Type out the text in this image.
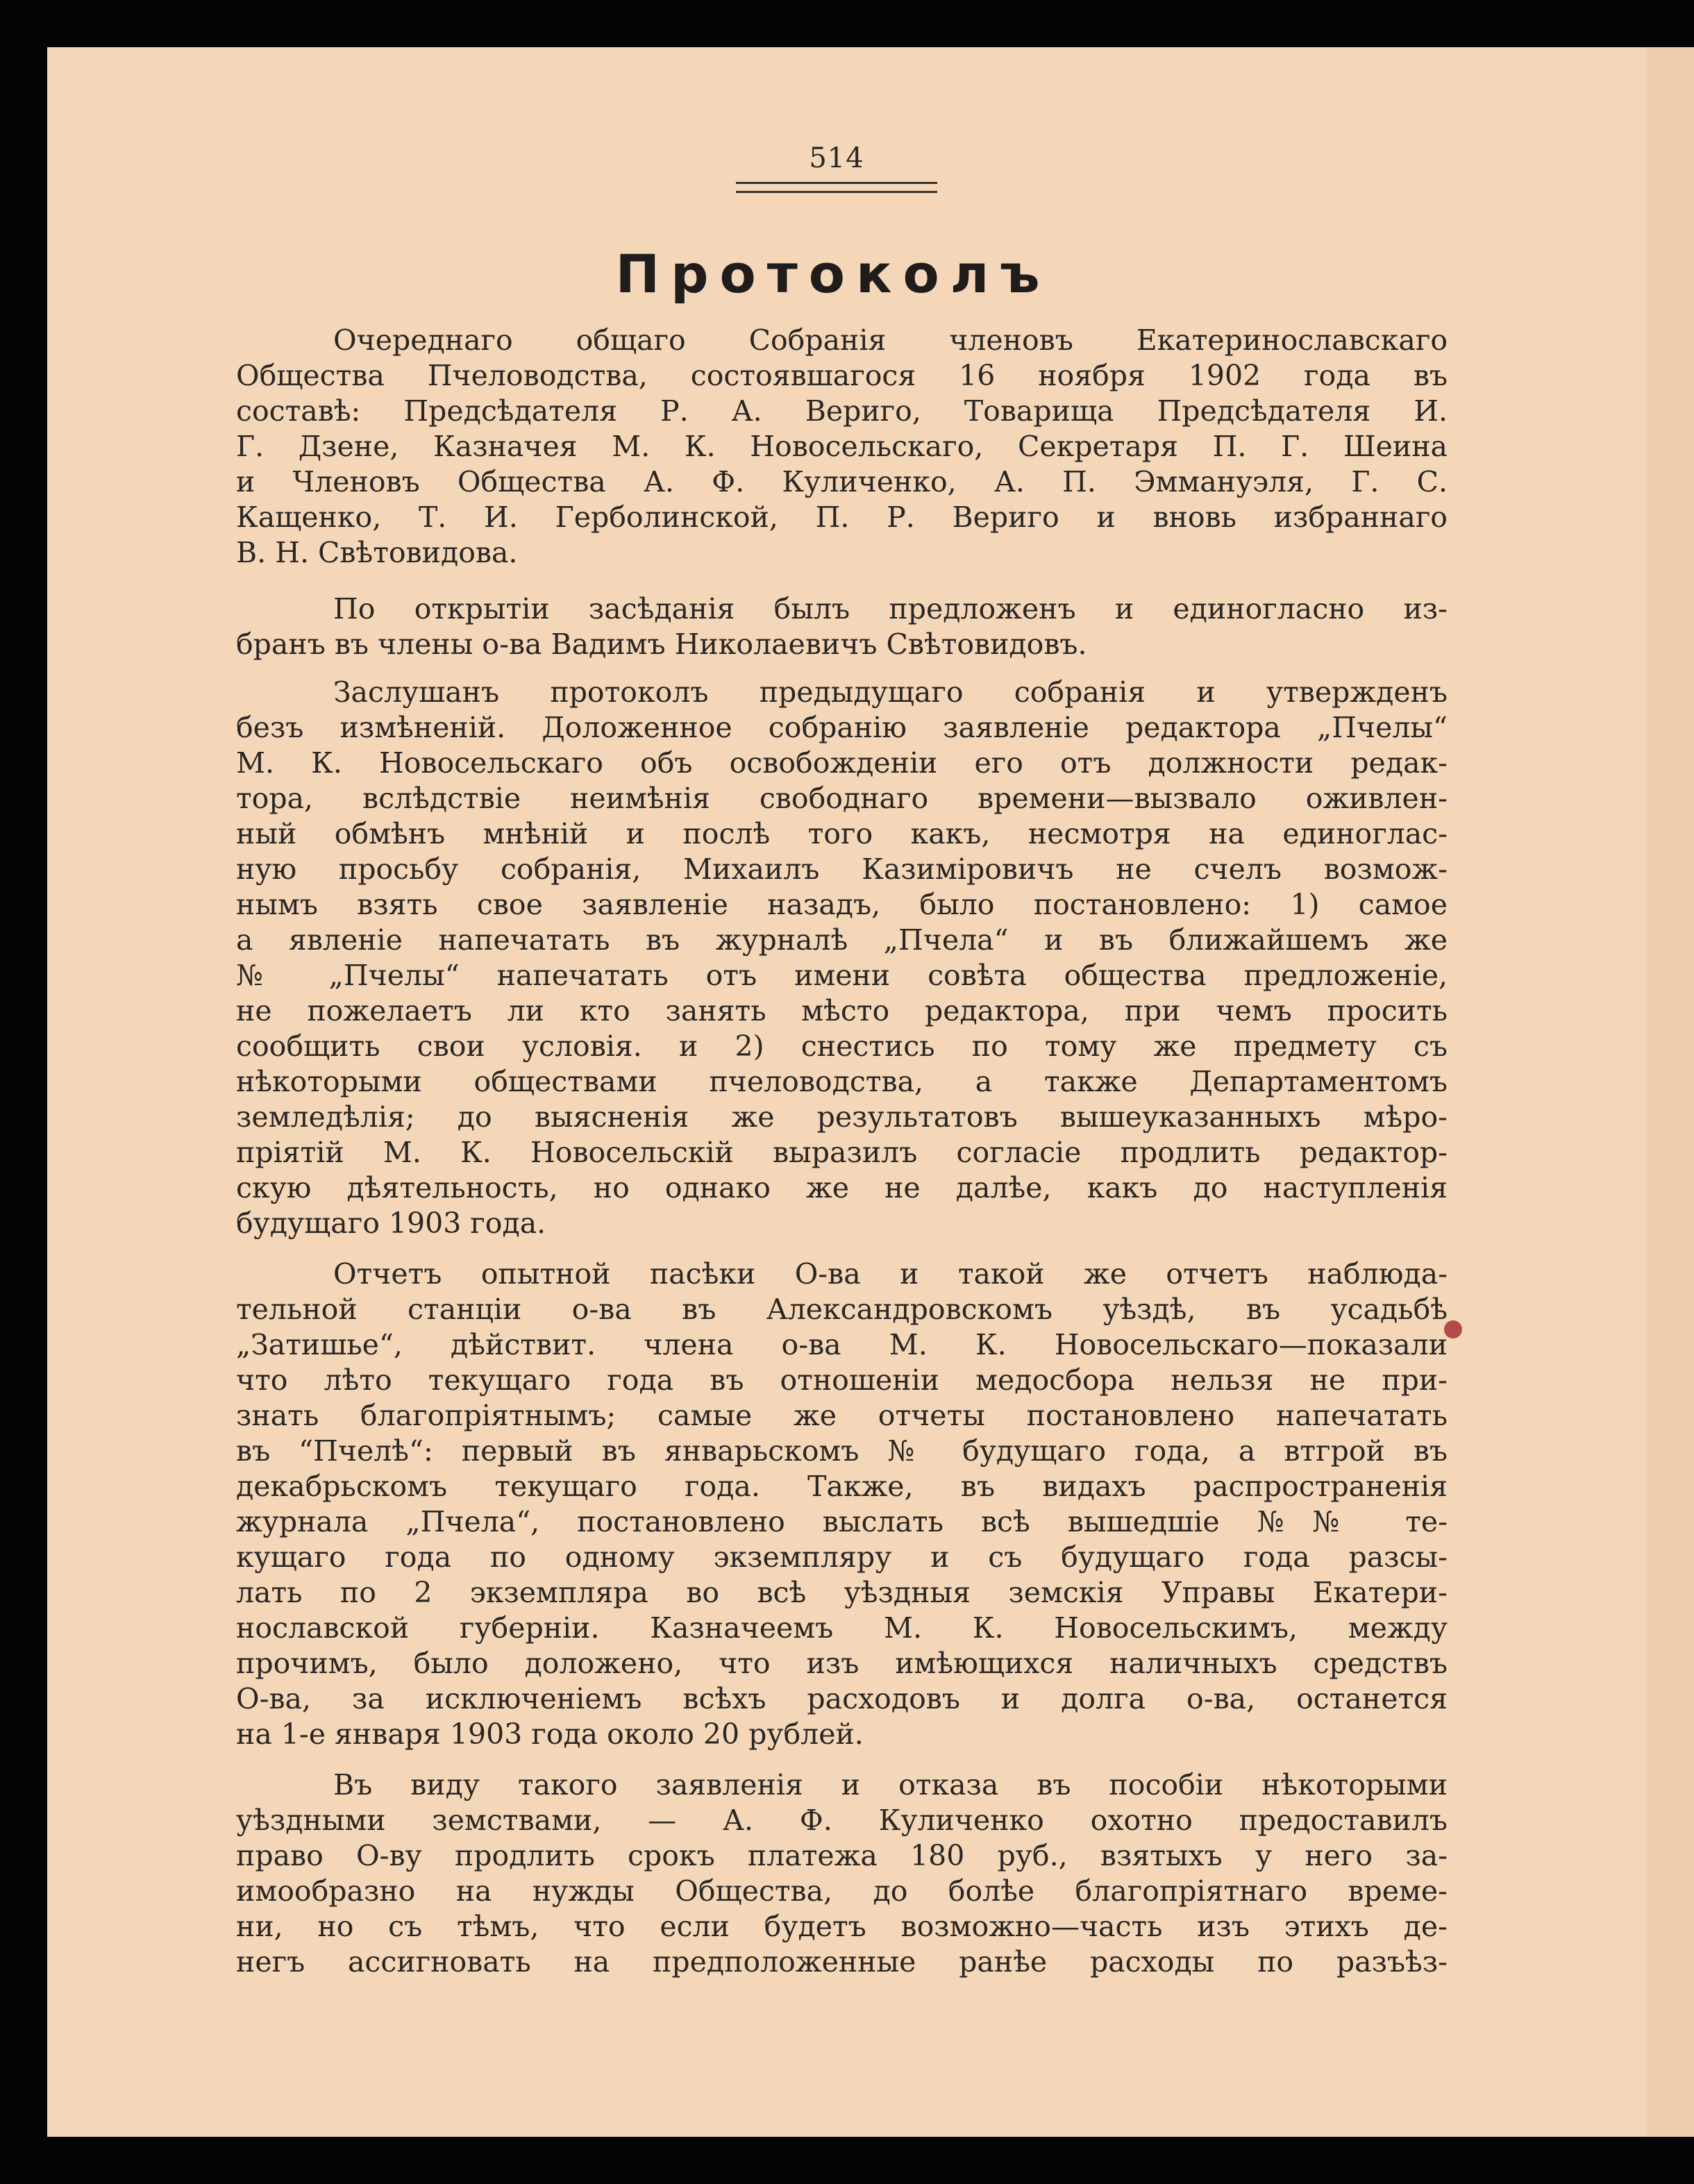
514
Протоколъ
Очереднаго общаго Собранія членовъ Екатеринославскаго
Общества Пчеловодства, состоявшагося 16 ноября 1902 года въ
составѣ: Предсѣдателя Р. А. Вериго, Товарища Предсѣдателя И.
Г. Дзене, Казначея М. К. Новосельскаго, Секретаря П. Г. Шеина
и Членовъ Общества А. Ф. Куличенко, А. П. Эммануэля, Г. С.
Кащенко, Т. И. Герболинской, П. Р. Вериго и вновь избраннаго
В. Н. Свѣтовидова.
По открытіи засѣданія былъ предложенъ и единогласно из-
бранъ въ члены о-ва Вадимъ Николаевичъ Свѣтовидовъ.
Заслушанъ протоколъ предыдущаго собранія и утвержденъ
безъ измѣненій. Доложенное собранію заявленіе редактора „Пчелы“
М. К. Новосельскаго объ освобожденіи его отъ должности редак-
тора, вслѣдствіе неимѣнія свободнаго времени—вызвало оживлен-
ный обмѣнъ мнѣній и послѣ того какъ, несмотря на единоглас-
ную просьбу собранія, Михаилъ Казиміровичъ не счелъ возмож-
нымъ взять свое заявленіе назадъ, было постановлено: 1) самое
а явленіе напечатать въ журналѣ „Пчела“ и въ ближайшемъ же
№ „Пчелы“ напечатать отъ имени совѣта общества предложеніе,
не пожелаетъ ли кто занять мѣсто редактора, при чемъ просить
сообщить свои условія. и 2) снестись по тому же предмету съ
нѣкоторыми обществами пчеловодства, а также Департаментомъ
земледѣлія; до выясненія же результатовъ вышеуказанныхъ мѣро-
пріятій М. К. Новосельскій выразилъ согласіе продлить редактор-
скую дѣятельность, но однако же не далѣе, какъ до наступленія
будущаго 1903 года.
Отчетъ опытной пасѣки О-ва и такой же отчетъ наблюда-
тельной станціи о-ва въ Александровскомъ уѣздѣ, въ усадьбѣ
„Затишье“, дѣйствит. члена о-ва М. К. Новосельскаго—показали
что лѣто текущаго года въ отношеніи медосбора нельзя не при-
знать благопріятнымъ; самые же отчеты постановлено напечатать
въ “Пчелѣ“: первый въ январьскомъ № будущаго года, а втгрой въ
декабрьскомъ текущаго года. Также, въ видахъ распространенія
журнала „Пчела“, постановлено выслать всѣ вышедшіе №№ те-
кущаго года по одному экземпляру и съ будущаго года разсы-
лать по 2 экземпляра во всѣ уѣздныя земскія Управы Екатери-
нославской губерніи. Казначеемъ М. К. Новосельскимъ, между
прочимъ, было доложено, что изъ имѣющихся наличныхъ средствъ
О-ва, за исключеніемъ всѣхъ расходовъ и долга о-ва, останется
на 1-е января 1903 года около 20 рублей.
Въ виду такого заявленія и отказа въ пособіи нѣкоторыми
уѣздными земствами, — А. Ф. Куличенко охотно предоставилъ
право О-ву продлить срокъ платежа 180 руб., взятыхъ у него за-
имообразно на нужды Общества, до болѣе благопріятнаго време-
ни, но съ тѣмъ, что если будетъ возможно—часть изъ этихъ де-
негъ ассигновать на предположенные ранѣе расходы по разъѣз-
